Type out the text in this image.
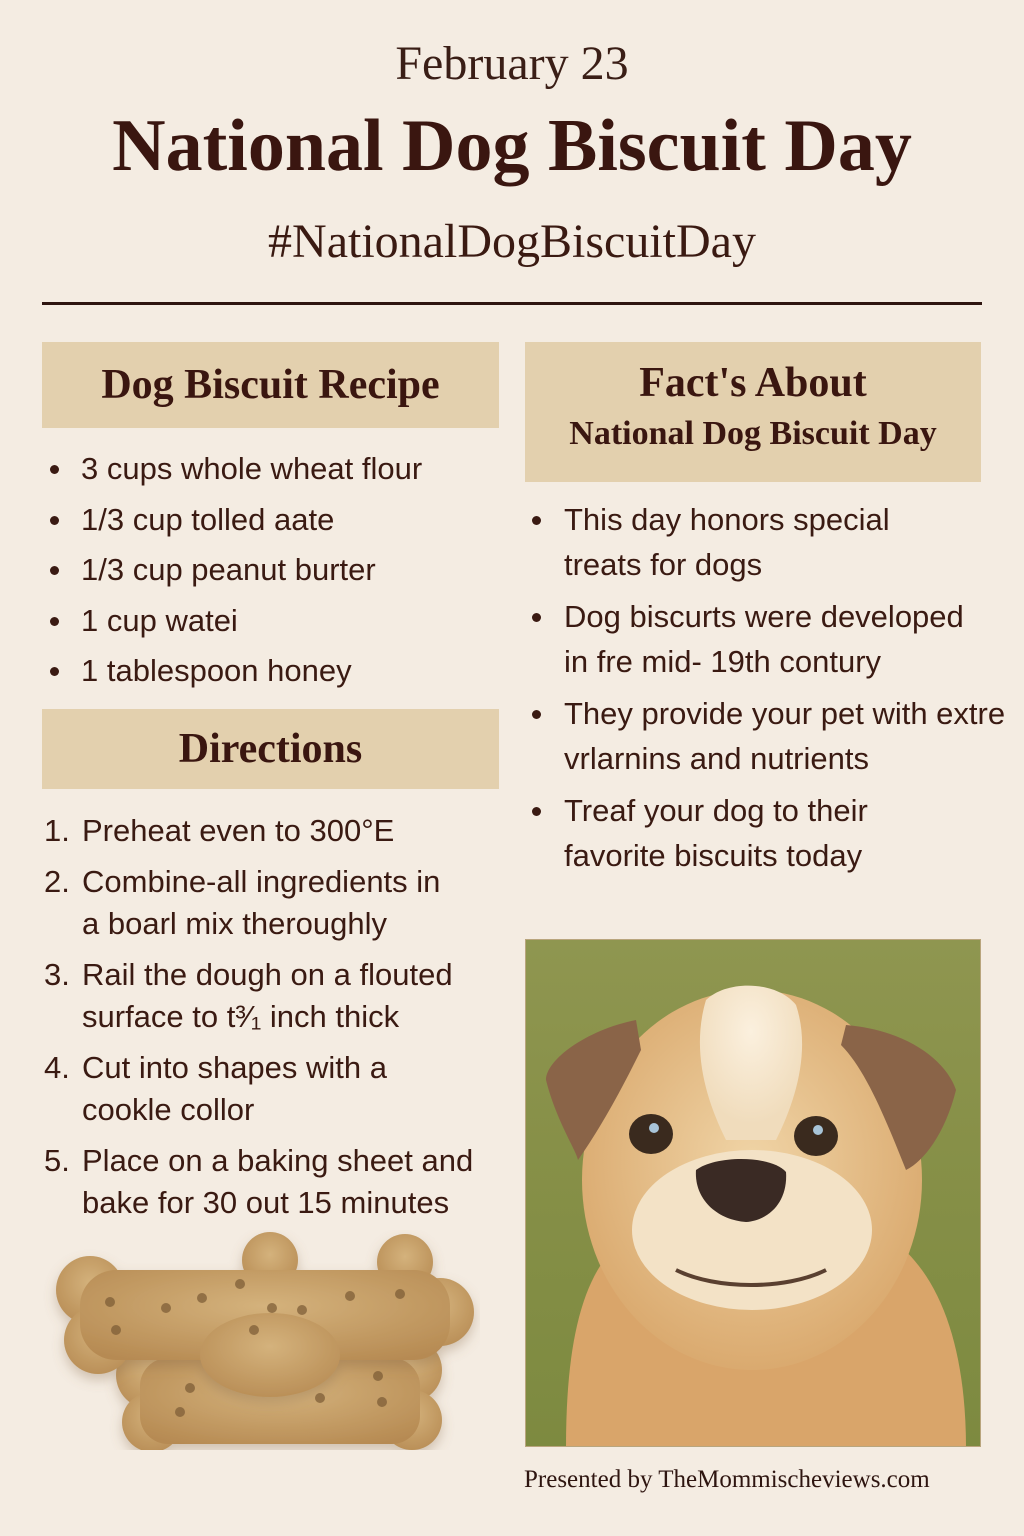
February 23
National Dog Biscuit Day
#NationalDogBiscuitDay
Dog Biscuit Recipe
3 cups whole wheat flour
1/3 cup tolled aate
1/3 cup peanut burter
1 cup watei
1 tablespoon honey
Directions
1. Preheat even to 300°E
2. Combine-all ingredients in
a boarl mix theroughly
3. Rail the dough on a flouted
surface to t³⁄₁ inch thick
4. Cut into shapes with a
cookle collor
5. Place on a baking sheet and
bake for 30 out 15 minutes
Fact's About
National Dog Biscuit Day
This day honors special treats for dogs
Dog biscurts were developed in fre mid- 19th contury
They provide your pet with extre vrlarnins and nutrients
Treaf your dog to their favorite biscuits today
Presented by TheMommischeviews.com
